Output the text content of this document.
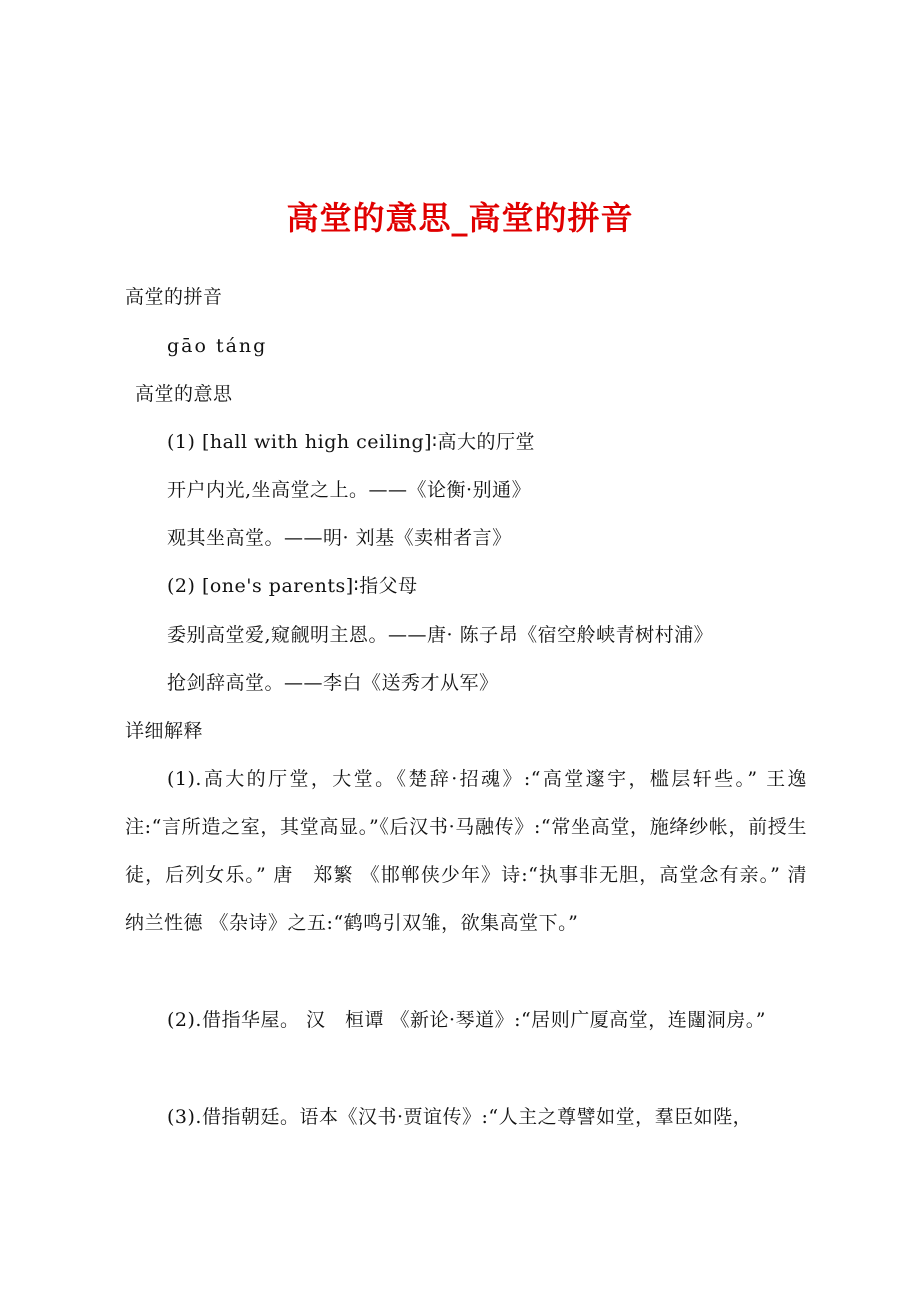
高堂的意思_高堂的拼音
高堂的拼音
gāo táng
高堂的意思
(1) [hall with high ceiling]∶高大的厅堂
开户内光,坐高堂之上。——《论衡·别通》
观其坐高堂。——明· 刘基《卖柑者言》
(2) [one's parents]∶指父母
委别高堂爱,窥觎明主恩。——唐· 陈子昂《宿空舲峡青树村浦》
抢剑辞高堂。——李白《送秀才从军》
详细解释
(1).高大的厅堂，大堂。《楚辞·招魂》:“高堂邃宇，槛层轩些。” 王逸 注:“言所造之室，其堂高显。”《后汉书·马融传》:“常坐高堂，施绛纱帐，前授生徒，后列女乐。” 唐　郑繁 《邯郸侠少年》诗:“执事非无胆，高堂念有亲。” 清　纳兰性德 《杂诗》之五:“鹤鸣引双雏，欲集高堂下。”
(2).借指华屋。 汉　桓谭 《新论·琴道》:“居则广厦高堂，连闥洞房。”
(3).借指朝廷。语本《汉书·贾谊传》:“人主之尊譬如堂，羣臣如陛，
